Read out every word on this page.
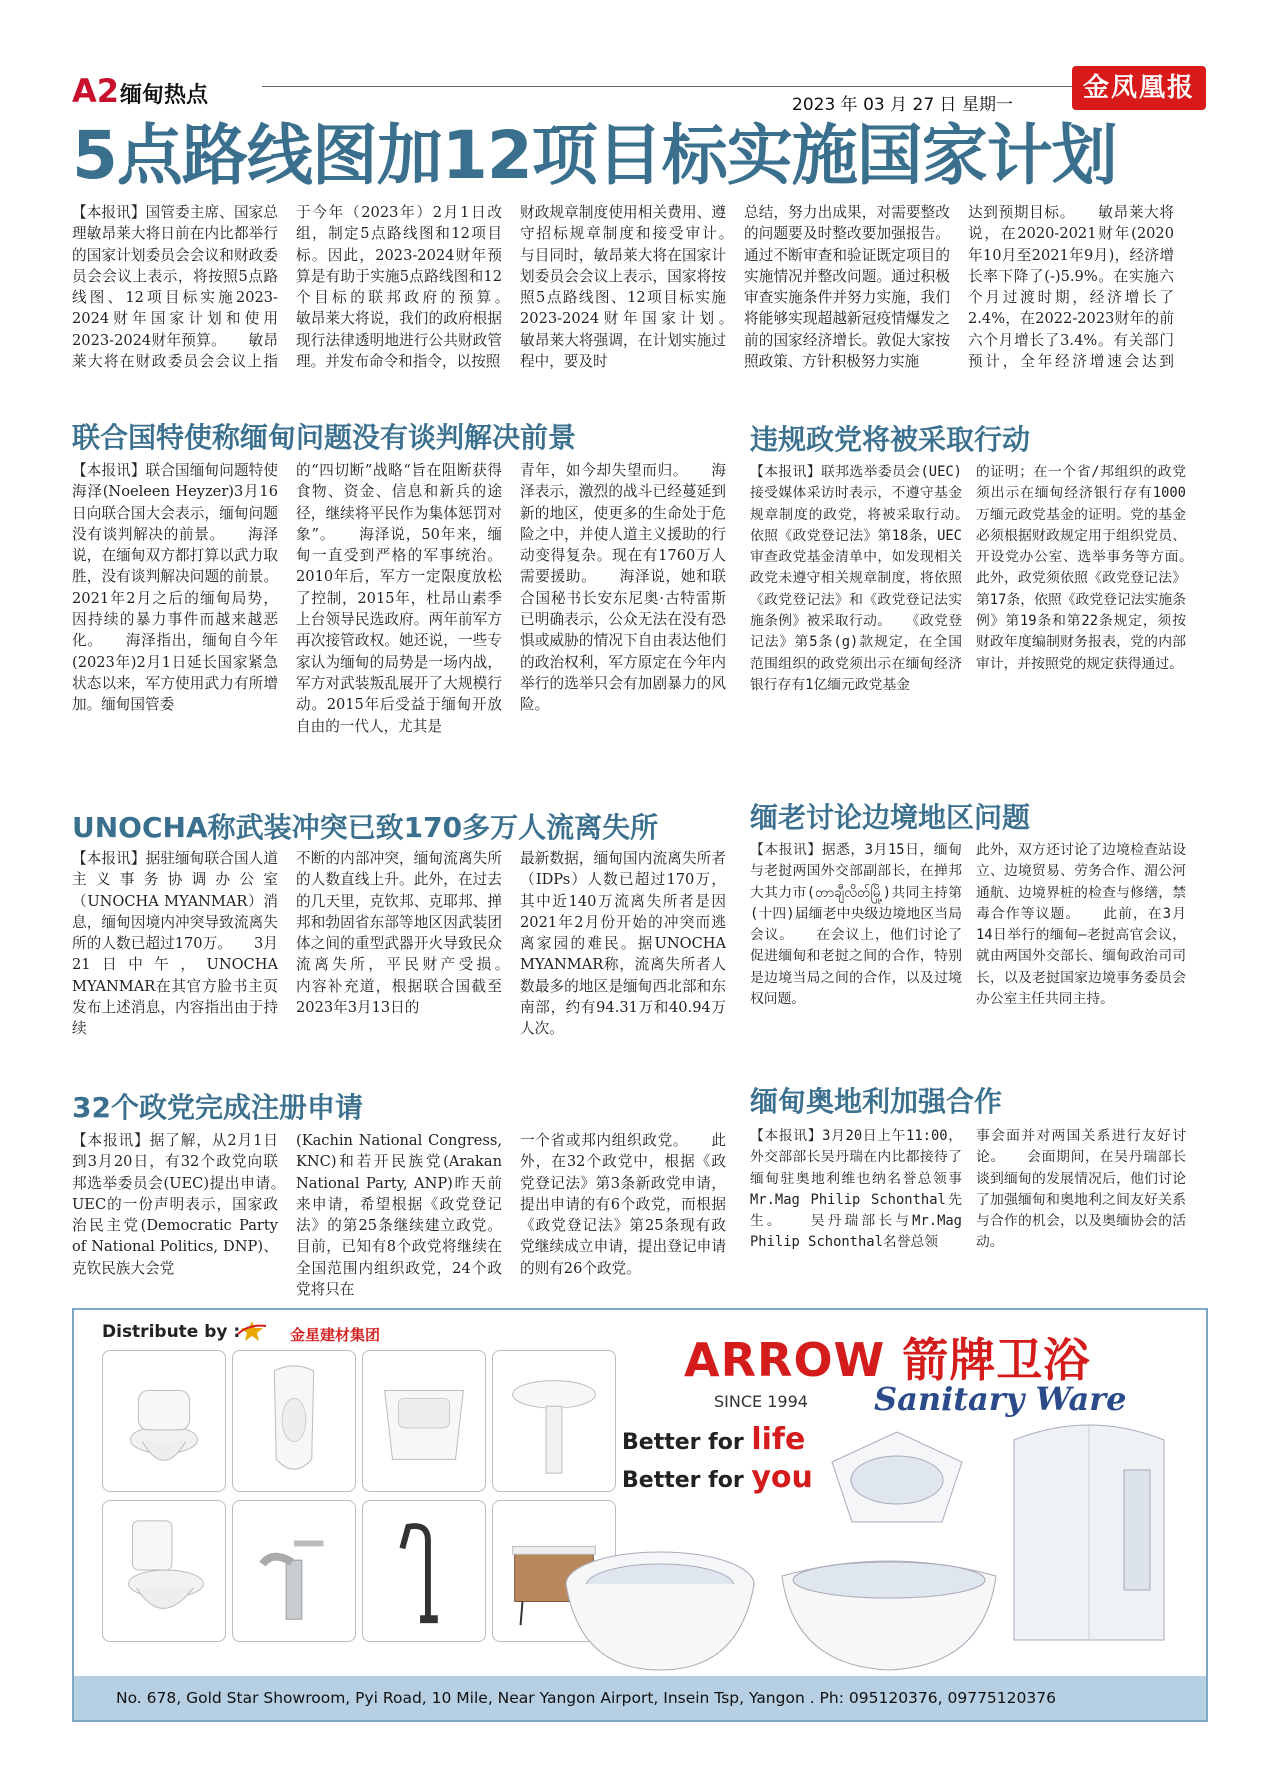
A2 缅甸热点	2023 年 03 月 27 日 星期一
金凤凰报
5点路线图加12项目标实施国家计划
【本报讯】国管委主席、国家总理敏昂莱大将日前在内比都举行的国家计划委员会会议和财政委员会会议上表示，将按照5点路线图、12项目标实施2023-2024财年国家计划和使用2023-2024财年预算。　　敏昂莱大将在财政委员会会议上指
于今年（2023年）2月1日改组，制定5点路线图和12项目标。因此，2023-2024财年预算是有助于实施5点路线图和12个目标的联邦政府的预算。　　敏昂莱大将说，我们的政府根据现行法律透明地进行公共财政管理。并发布命令和指令，以按照
财政规章制度使用相关费用、遵守招标规章制度和接受审计。　　与目同时，敏昂莱大将在国家计划委员会会议上表示，国家将按照5点路线图、12项目标实施2023-2024财年国家计划。　　敏昂莱大将强调，在计划实施过程中，要及时
总结，努力出成果，对需要整改的问题要及时整改要加强报告。通过不断审查和验证既定项目的实施情况并整改问题。通过积极审查实施条件并努力实施，我们将能够实现超越新冠疫情爆发之前的国家经济增长。敦促大家按照政策、方针积极努力实施
达到预期目标。　　敏昂莱大将说，在2020-2021财年(2020年10月至2021年9月)，经济增长率下降了(-)5.9%。在实施六个月过渡时期，经济增长了2.4%，在2022-2023财年的前六个月增长了3.4%。有关部门预计，全年经济增速会达到
联合国特使称缅甸问题没有谈判解决前景
【本报讯】联合国缅甸问题特使海泽(Noeleen Heyzer)3月16日向联合国大会表示，缅甸问题没有谈判解决的前景。　　海泽说，在缅甸双方都打算以武力取胜，没有谈判解决问题的前景。2021年2月之后的缅甸局势，因持续的暴力事件而越来越恶化。　　海泽指出，缅甸自今年(2023年)2月1日延长国家紧急状态以来，军方使用武力有所增加。缅甸国管委
的“四切断”战略“旨在阻断获得食物、资金、信息和新兵的途径，继续将平民作为集体惩罚对象”。　　海泽说，50年来，缅甸一直受到严格的军事统治。2010年后，军方一定限度放松了控制，2015年，杜昂山素季上台领导民选政府。两年前军方再次接管政权。她还说，一些专家认为缅甸的局势是一场内战，军方对武装叛乱展开了大规模行动。2015年后受益于缅甸开放自由的一代人，尤其是
青年，如今却失望而归。　　海泽表示，激烈的战斗已经蔓延到新的地区，使更多的生命处于危险之中，并使人道主义援助的行动变得复杂。现在有1760万人需要援助。　　海泽说，她和联合国秘书长安东尼奥·古特雷斯已明确表示，公众无法在没有恐惧或威胁的情况下自由表达他们的政治权利，军方原定在今年内举行的选举只会有加剧暴力的风险。
违规政党将被采取行动
【本报讯】联邦选举委员会(UEC)接受媒体采访时表示，不遵守基金规章制度的政党，将被采取行动。　　依照《政党登记法》第18条，UEC审查政党基金清单中，如发现相关政党未遵守相关规章制度，将依照《政党登记法》和《政党登记法实施条例》被采取行动。　　《政党登记法》第5条(g)款规定，在全国范围组织的政党须出示在缅甸经济银行存有1亿缅元政党基金
的证明；在一个省/邦组织的政党须出示在缅甸经济银行存有1000万缅元政党基金的证明。党的基金必须根据财政规定用于组织党员、开设党办公室、选举事务等方面。　　此外，政党须依照《政党登记法》第17条，依照《政党登记法实施条例》第19条和第22条规定，须按财政年度编制财务报表，党的内部审计，并按照党的规定获得通过。
UNOCHA称武装冲突已致170多万人流离失所
【本报讯】据驻缅甸联合国人道主义事务协调办公室（UNOCHA MYANMAR）消息，缅甸因境内冲突导致流离失所的人数已超过170万。　　3月21日中午，UNOCHA MYANMAR在其官方脸书主页发布上述消息，内容指出由于持续
不断的内部冲突，缅甸流离失所的人数直线上升。此外，在过去的几天里，克钦邦、克耶邦、掸邦和勃固省东部等地区因武装团体之间的重型武器开火导致民众流离失所，平民财产受损。　　内容补充道，根据联合国截至2023年3月13日的
最新数据，缅甸国内流离失所者（IDPs）人数已超过170万，其中近140万流离失所者是因2021年2月份开始的冲突而逃离家园的难民。据UNOCHA MYANMAR称，流离失所者人数最多的地区是缅甸西北部和东南部，约有94.31万和40.94万人次。
缅老讨论边境地区问题
【本报讯】据悉，3月15日，缅甸与老挝两国外交部副部长，在掸邦大其力市(တာချီလိတ်မြို့)共同主持第(十四)届缅老中央级边境地区当局会议。　　在会议上，他们讨论了促进缅甸和老挝之间的合作，特别是边境当局之间的合作，以及过境权问题。
此外，双方还讨论了边境检查站设立、边境贸易、劳务合作、湄公河通航、边境界桩的检查与修缮，禁毒合作等议题。　　此前，在3月14日举行的缅甸—老挝高官会议，就由两国外交部长、缅甸政治司司长，以及老挝国家边境事务委员会办公室主任共同主持。
32个政党完成注册申请
【本报讯】据了解，从2月1日到3月20日，有32个政党向联邦选举委员会(UEC)提出申请。　　UEC的一份声明表示，国家政治民主党(Democratic Party of National Politics, DNP)、克钦民族大会党
(Kachin National Congress, KNC)和若开民族党(Arakan National Party, ANP)昨天前来申请，希望根据《政党登记法》的第25条继续建立政党。目前，已知有8个政党将继续在全国范围内组织政党，24个政党将只在
一个省或邦内组织政党。　　此外，在32个政党中，根据《政党登记法》第3条新政党申请，提出申请的有6个政党，而根据《政党登记法》第25条现有政党继续成立申请，提出登记申请的则有26个政党。
缅甸奥地利加强合作
【本报讯】3月20日上午11:00，外交部部长吴丹瑞在内比都接待了缅甸驻奥地利维也纳名誉总领事Mr.Mag Philip Schonthal先生。　　吴丹瑞部长与Mr.Mag Philip Schonthal名誉总领
事会面并对两国关系进行友好讨论。　　会面期间，在吴丹瑞部长谈到缅甸的发展情况后，他们讨论了加强缅甸和奥地利之间友好关系与合作的机会，以及奥缅协会的活动。
Distribute by :	金星建材集团	ARROW 箭牌卫浴
SINCE 1994 Sanitary Ware
Better for life
Better for you
No. 678, Gold Star Showroom, Pyi Road, 10 Mile, Near Yangon Airport, Insein Tsp, Yangon . Ph: 095120376, 09775120376
